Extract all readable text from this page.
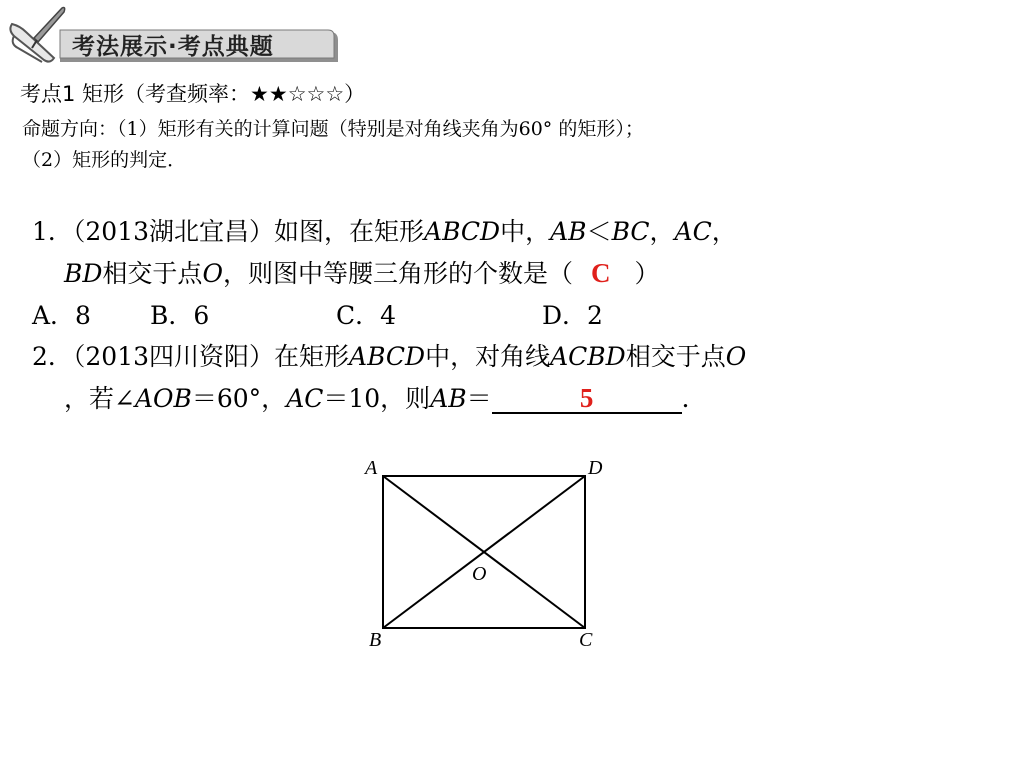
考法展示·考点典题
考点1 矩形（考查频率：★★☆☆☆）
命题方向：（1）矩形有关的计算问题（特别是对角线夹角为60° 的矩形）；
（2）矩形的判定．
1．（2013湖北宜昌）如图，在矩形ABCD中，AB＜BC，AC，
BD相交于点O，则图中等腰三角形的个数是（ C ）
A．8 B．6	C．4	D．2
2．（2013四川资阳）在矩形ABCD中，对角线ACBD相交于点O
，若∠AOB＝60°，AC＝10，则AB＝	5	．
A	D
O
B	C
